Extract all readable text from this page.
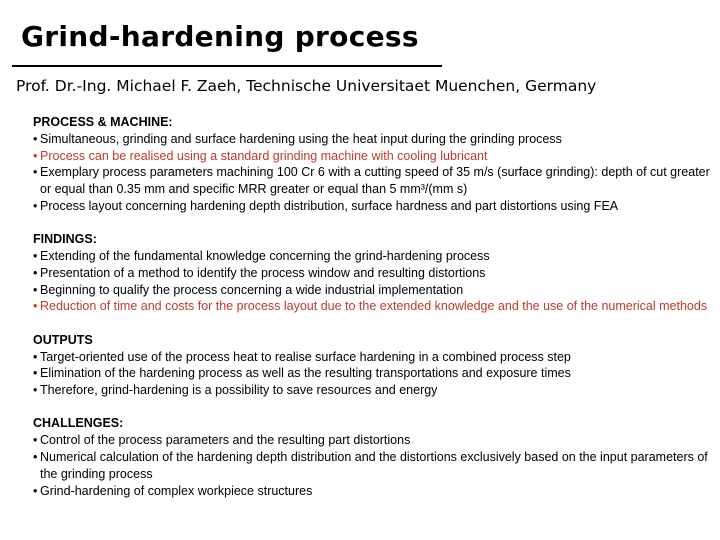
Grind-hardening process

Prof. Dr.-Ing. Michael F. Zaeh, Technische Universitaet Muenchen, Germany

PROCESS & MACHINE:
• Simultaneous, grinding and surface hardening using the heat input during the grinding process
• Process can be realised using a standard grinding machine with cooling lubricant
• Exemplary process parameters machining 100 Cr 6 with a cutting speed of 35 m/s (surface grinding): depth of cut greater or equal than 0.35 mm and specific MRR greater or equal than 5 mm³/(mm s)
• Process layout concerning hardening depth distribution, surface hardness and part distortions using FEA
FINDINGS:
• Extending of the fundamental knowledge concerning the grind-hardening process
• Presentation of a method to identify the process window and resulting distortions
• Beginning to qualify the process concerning a wide industrial implementation
• Reduction of time and costs for the process layout due to the extended knowledge and the use of the numerical methods
OUTPUTS
• Target-oriented use of the process heat to realise surface hardening in a combined process step
• Elimination of the hardening process as well as the resulting transportations and exposure times
• Therefore, grind-hardening is a possibility to save resources and energy
CHALLENGES:
• Control of the process parameters and the resulting part distortions
• Numerical calculation of the hardening depth distribution and the distortions exclusively based on the input parameters of the grinding process
• Grind-hardening of complex workpiece structures
